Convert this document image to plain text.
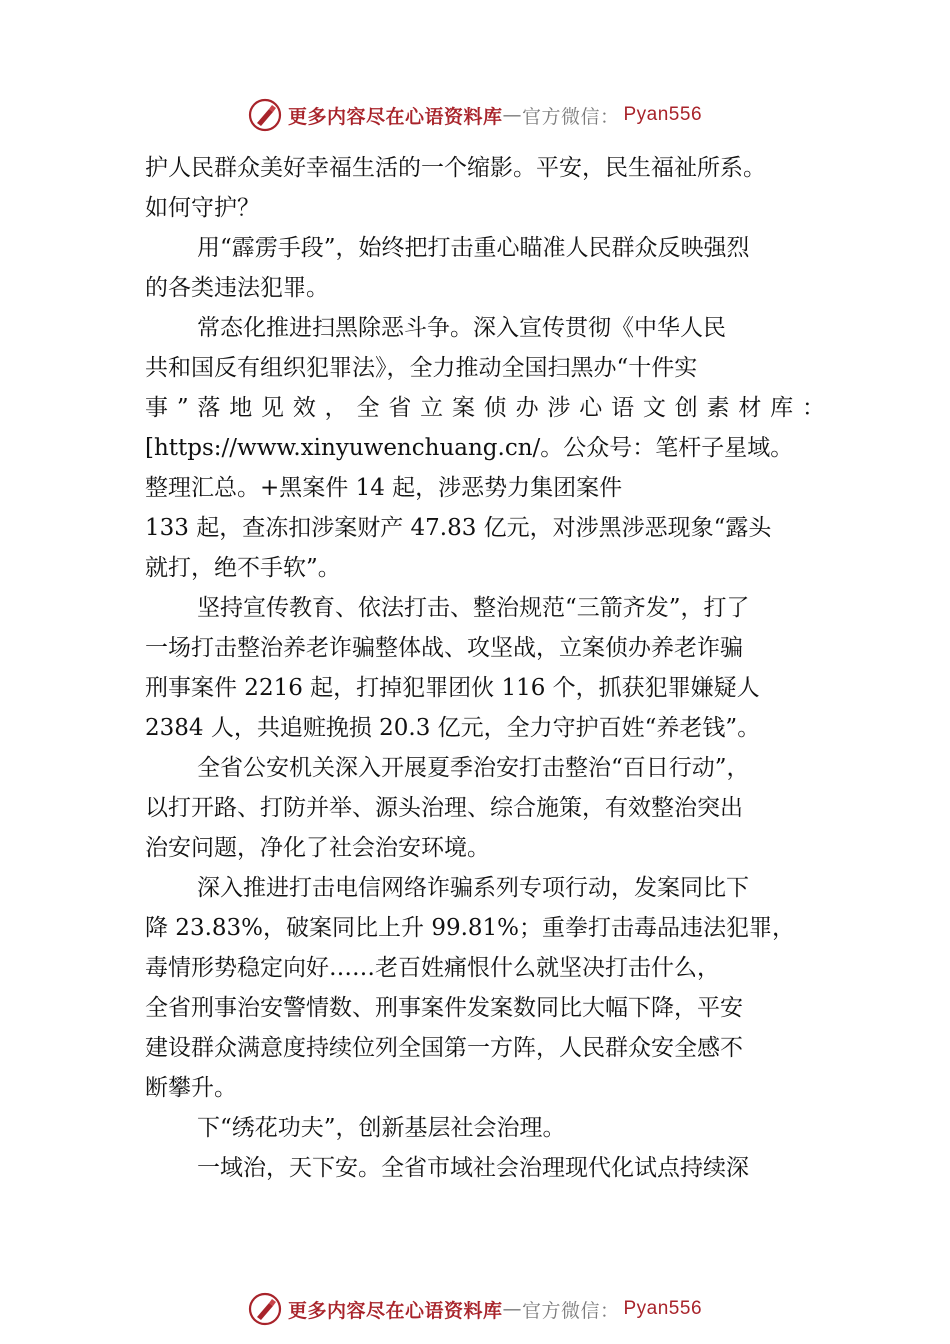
更多内容尽在心语资料库 — 官方微信： Pyan556
护人民群众美好幸福生活的一个缩影。平安，民生福祉所系。
如何守护？
用“霹雳手段”，始终把打击重心瞄准人民群众反映强烈
的各类违法犯罪。
常态化推进扫黑除恶斗争。深入宣传贯彻《中华人民
共和国反有组织犯罪法》，全力推动全国扫黑办“十件实
事”落地见效，全省立案侦办涉心语文创素材库：
[https://www.xinyuwenchuang.cn/。公众号：笔杆子星域。
整理汇总。+黑案件 14 起，涉恶势力集团案件
133 起，查冻扣涉案财产 47.83 亿元，对涉黑涉恶现象“露头
就打，绝不手软”。
坚持宣传教育、依法打击、整治规范“三箭齐发”，打了
一场打击整治养老诈骗整体战、攻坚战，立案侦办养老诈骗
刑事案件 2216 起，打掉犯罪团伙 116 个，抓获犯罪嫌疑人
2384 人，共追赃挽损 20.3 亿元，全力守护百姓“养老钱”。
全省公安机关深入开展夏季治安打击整治“百日行动”，
以打开路、打防并举、源头治理、综合施策，有效整治突出
治安问题，净化了社会治安环境。
深入推进打击电信网络诈骗系列专项行动，发案同比下
降 23.83%，破案同比上升 99.81%；重拳打击毒品违法犯罪，
毒情形势稳定向好……老百姓痛恨什么就坚决打击什么，
全省刑事治安警情数、刑事案件发案数同比大幅下降，平安
建设群众满意度持续位列全国第一方阵，人民群众安全感不
断攀升。
下“绣花功夫”，创新基层社会治理。
一域治，天下安。全省市域社会治理现代化试点持续深
更多内容尽在心语资料库 — 官方微信： Pyan556
